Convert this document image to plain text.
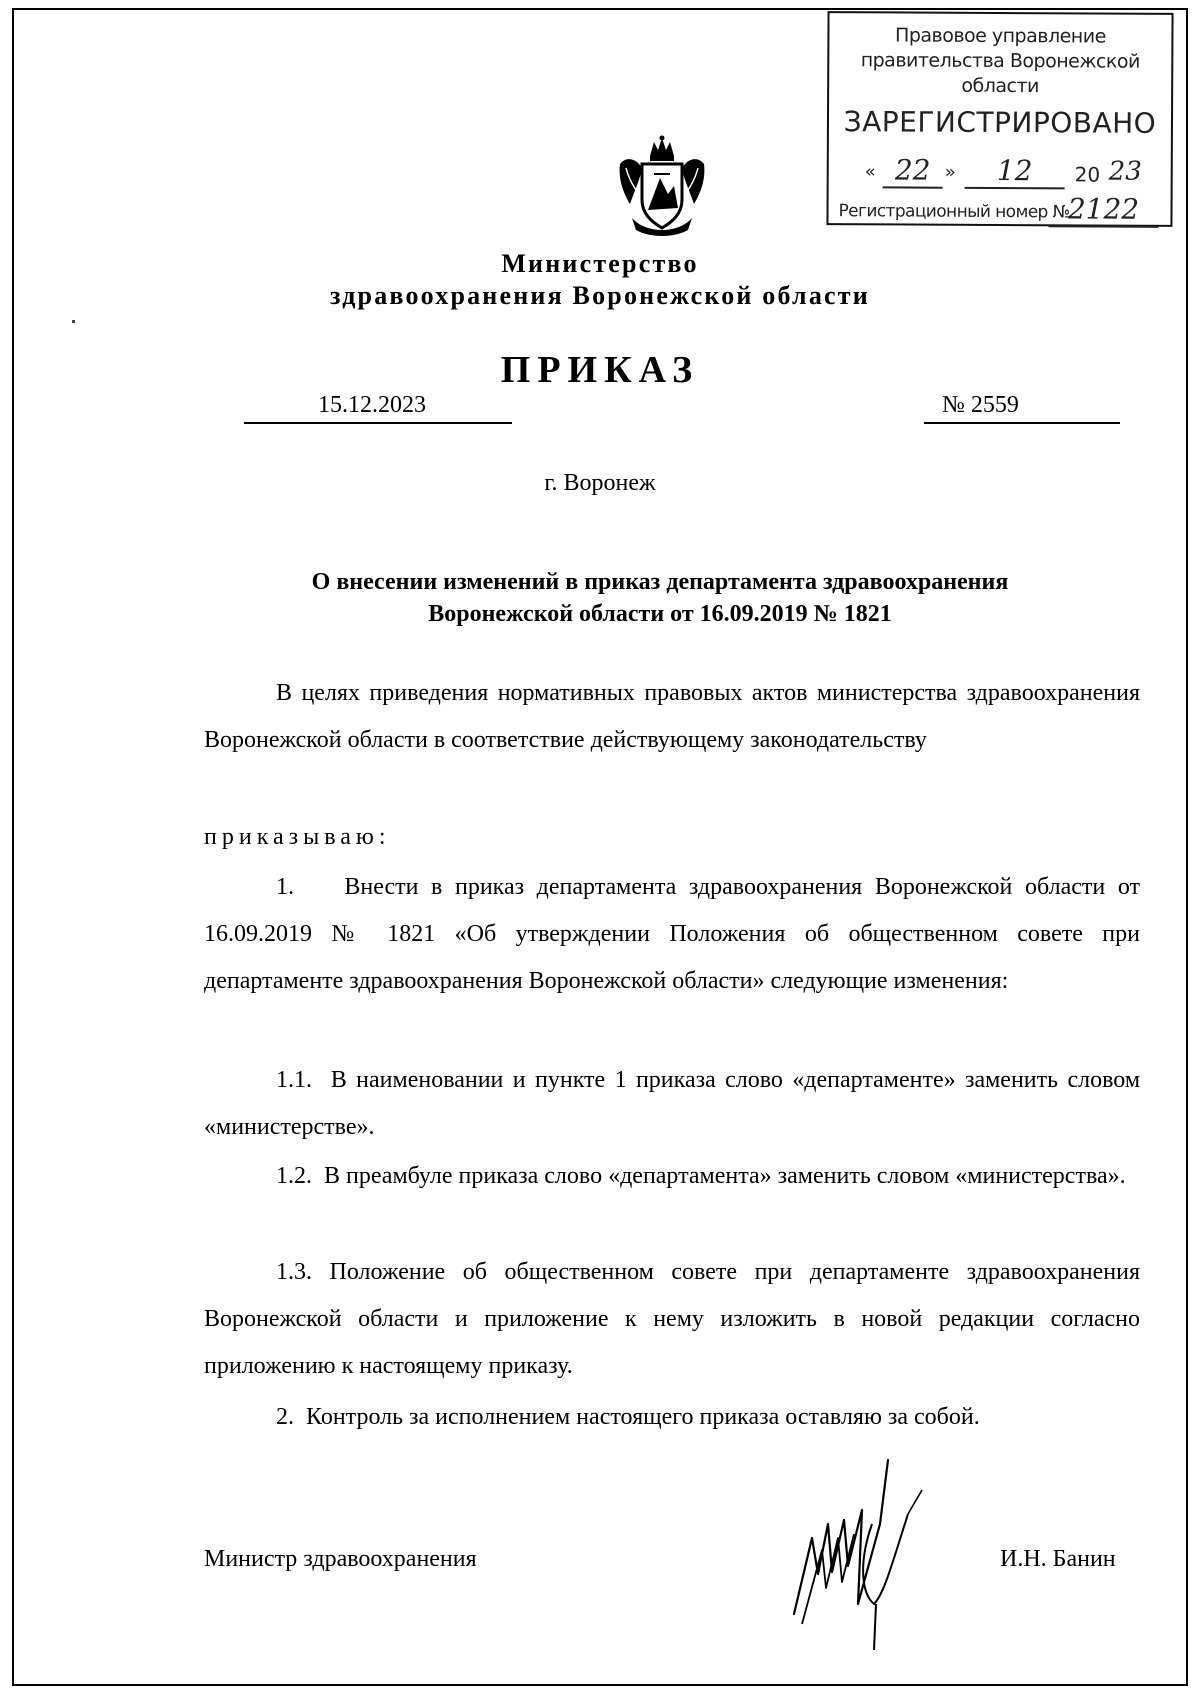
Правовое управление правительства Воронежской области
ЗАРЕГИСТРИРОВАНО
« 22 »	12	20 23
Регистрационный номер №
2122
Министерство
здравоохранения Воронежской области
ПРИКАЗ
15.12.2023	№ 2559
г. Воронеж
О внесении изменений в приказ департамента здравоохранения
Воронежской области от 16.09.2019 № 1821
В целях приведения нормативных правовых актов министерства здравоохранения Воронежской области в соответствие действующему законодательству
приказываю:
1.    Внести в приказ департамента здравоохранения Воронежской области от 16.09.2019 № 1821 «Об утверждении Положения об общественном совете при департаменте здравоохранения Воронежской области» следующие изменения:
1.1.  В наименовании и пункте 1 приказа слово «департаменте» заменить словом «министерстве».
1.2.  В преамбуле приказа слово «департамента» заменить словом «министерства».
1.3. Положение об общественном совете при департаменте здравоохранения Воронежской области и приложение к нему изложить в новой редакции согласно приложению к настоящему приказу.
2.  Контроль за исполнением настоящего приказа оставляю за собой.
Министр здравоохранения	И.Н. Банин
